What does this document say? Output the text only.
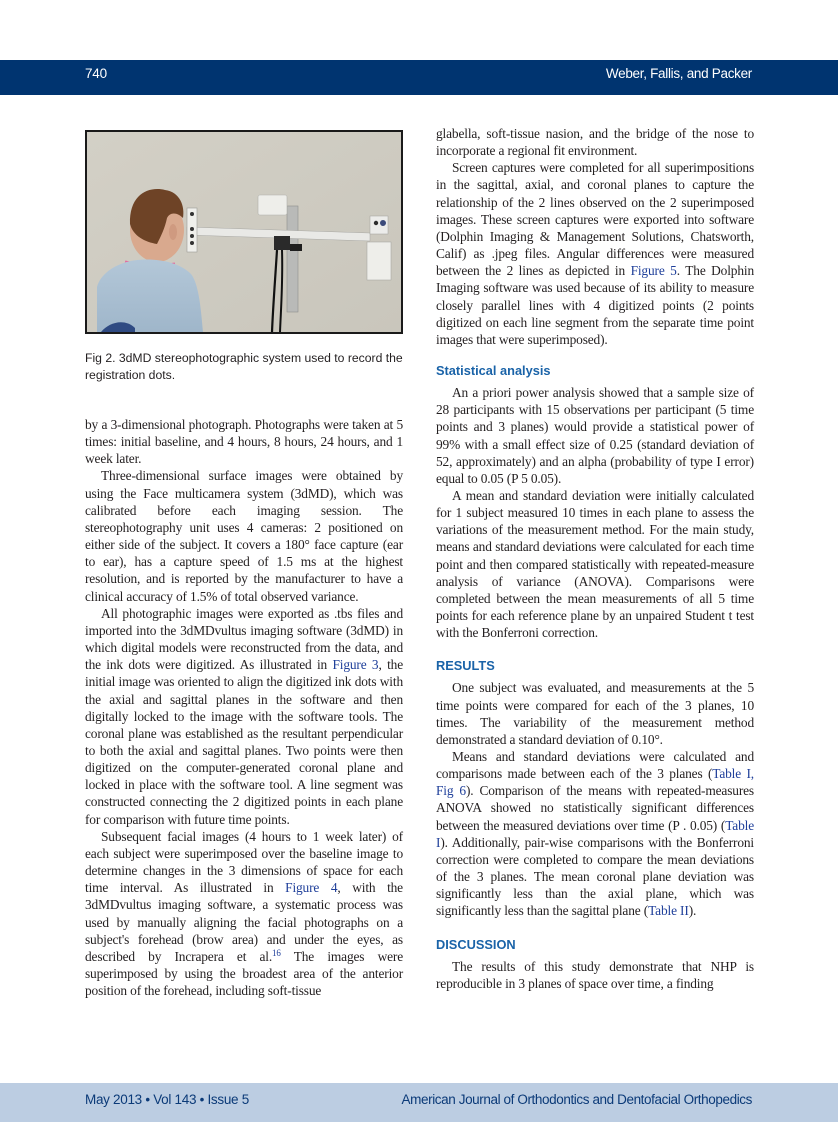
740	Weber, Fallis, and Packer
Fig 2. 3dMD stereophotographic system used to record the registration dots.

by a 3-dimensional photograph. Photographs were taken at 5 times: initial baseline, and 4 hours, 8 hours, 24 hours, and 1 week later.

Three-dimensional surface images were obtained by using the Face multicamera system (3dMD), which was calibrated before each imaging session. The stereophotography unit uses 4 cameras: 2 positioned on either side of the subject. It covers a 180° face capture (ear to ear), has a capture speed of 1.5 ms at the highest resolution, and is reported by the manufacturer to have a clinical accuracy of 1.5% of total observed variance.

All photographic images were exported as .tbs files and imported into the 3dMDvultus imaging software (3dMD) in which digital models were reconstructed from the data, and the ink dots were digitized. As illustrated in Figure 3, the initial image was oriented to align the digitized ink dots with the axial and sagittal planes in the software and then digitally locked to the image with the software tools. The coronal plane was established as the resultant perpendicular to both the axial and sagittal planes. Two points were then digitized on the computer-generated coronal plane and locked in place with the software tool. A line segment was constructed connecting the 2 digitized points in each plane for comparison with future time points.

Subsequent facial images (4 hours to 1 week later) of each subject were superimposed over the baseline image to determine changes in the 3 dimensions of space for each time interval. As illustrated in Figure 4, with the 3dMDvultus imaging software, a systematic process was used by manually aligning the facial photographs on a subject's forehead (brow area) and under the eyes, as described by Incrapera et al.$^{16}$ The images were superimposed by using the broadest area of the anterior position of the forehead, including soft-tissue

glabella, soft-tissue nasion, and the bridge of the nose to incorporate a regional fit environment.

Screen captures were completed for all superimpositions in the sagittal, axial, and coronal planes to capture the relationship of the 2 lines observed on the 2 superimposed images. These screen captures were exported into software (Dolphin Imaging & Management Solutions, Chatsworth, Calif) as .jpeg files. Angular differences were measured between the 2 lines as depicted in Figure 5. The Dolphin Imaging software was used because of its ability to measure closely parallel lines with 4 digitized points (2 points digitized on each line segment from the separate time point images that were superimposed).

Statistical analysis

An a priori power analysis showed that a sample size of 28 participants with 15 observations per participant (5 time points and 3 planes) would provide a statistical power of 99% with a small effect size of 0.25 (standard deviation of 52, approximately) and an alpha (probability of type I error) equal to 0.05 (P 5 0.05).

A mean and standard deviation were initially calculated for 1 subject measured 10 times in each plane to assess the variations of the measurement method. For the main study, means and standard deviations were calculated for each time point and then compared statistically with repeated-measure analysis of variance (ANOVA). Comparisons were completed between the mean measurements of all 5 time points for each reference plane by an unpaired Student t test with the Bonferroni correction.

RESULTS

One subject was evaluated, and measurements at the 5 time points were compared for each of the 3 planes, 10 times. The variability of the measurement method demonstrated a standard deviation of 0.10°.

Means and standard deviations were calculated and comparisons made between each of the 3 planes (Table I, Fig 6). Comparison of the means with repeated-measures ANOVA showed no statistically significant differences between the measured deviations over time (P . 0.05) (Table I). Additionally, pair-wise comparisons with the Bonferroni correction were completed to compare the mean deviations of the 3 planes. The mean coronal plane deviation was significantly less than the axial plane, which was significantly less than the sagittal plane (Table II).

DISCUSSION

The results of this study demonstrate that NHP is reproducible in 3 planes of space over time, a finding

May 2013 • Vol 143 • Issue 5	American Journal of Orthodontics and Dentofacial Orthopedics
